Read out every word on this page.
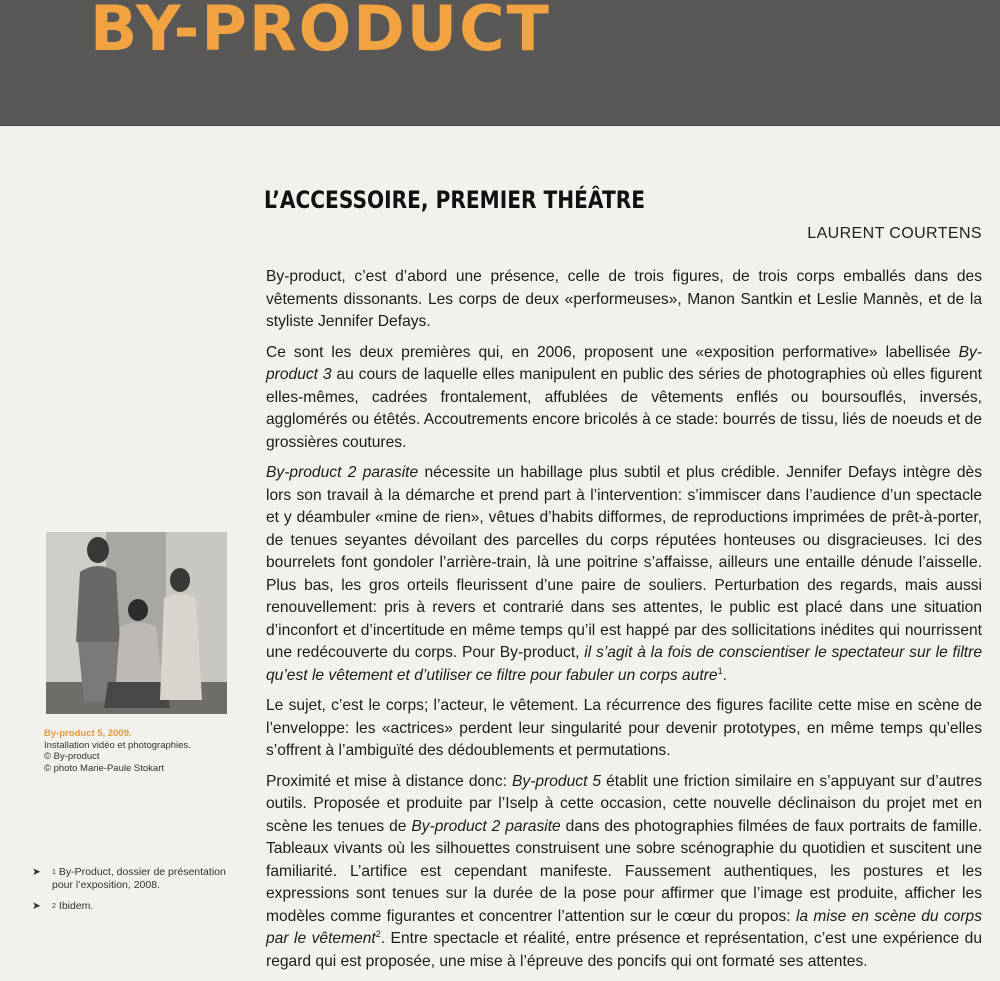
BY-PRODUCT
L’ACCESSOIRE, PREMIER THÉÂTRE
LAURENT COURTENS

By-product, c’est d’abord une présence, celle de trois figures, de trois corps emballés dans des vêtements dissonants. Les corps de deux «performeuses», Manon Santkin et Leslie Mannès, et de la styliste Jennifer Defays.

Ce sont les deux premières qui, en 2006, proposent une «exposition performative» labellisée By-product 3 au cours de laquelle elles manipulent en public des séries de photographies où elles figurent elles-mêmes, cadrées frontalement, affublées de vêtements enflés ou boursouflés, inversés, agglomérés ou étêtés. Accoutrements encore bricolés à ce stade: bourrés de tissu, liés de noeuds et de grossières coutures.

By-product 2 parasite nécessite un habillage plus subtil et plus crédible. Jennifer Defays intègre dès lors son travail à la démarche et prend part à l’intervention: s’immiscer dans l’audience d’un spectacle et y déambuler «mine de rien», vêtues d’habits difformes, de reproductions imprimées de prêt-à-porter, de tenues seyantes dévoilant des parcelles du corps réputées honteuses ou disgracieuses. Ici des bourrelets font gondoler l’arrière-train, là une poitrine s’affaisse, ailleurs une entaille dénude l’aisselle. Plus bas, les gros orteils fleurissent d’une paire de souliers. Perturbation des regards, mais aussi renouvellement: pris à revers et contrarié dans ses attentes, le public est placé dans une situation d’inconfort et d’incertitude en même temps qu’il est happé par des sollicitations inédites qui nourrissent une redécouverte du corps. Pour By-product, il s’agit à la fois de conscientiser le spectateur sur le filtre qu’est le vêtement et d’utiliser ce filtre pour fabuler un corps autre$^1$.

Le sujet, c’est le corps; l’acteur, le vêtement. La récurrence des figures facilite cette mise en scène de l’enveloppe: les «actrices» perdent leur singularité pour devenir prototypes, en même temps qu’elles s’offrent à l’ambiguïté des dédoublements et permutations.

Proximité et mise à distance donc: By-product 5 établit une friction similaire en s’appuyant sur d’autres outils. Proposée et produite par l’Iselp à cette occasion, cette nouvelle déclinaison du projet met en scène les tenues de By-product 2 parasite dans des photographies filmées de faux portraits de famille. Tableaux vivants où les silhouettes construisent une sobre scénographie du quotidien et suscitent une familiarité. L’artifice est cependant manifeste. Faussement authentiques, les postures et les expressions sont tenues sur la durée de la pose pour affirmer que l’image est produite, afficher les modèles comme figurantes et concentrer l’attention sur le cœur du propos: la mise en scène du corps par le vêtement$^2$. Entre spectacle et réalité, entre présence et représentation, c’est une expérience du regard qui est proposée, une mise à l’épreuve des poncifs qui ont formaté ses attentes.

By-product 5, 2009.
Installation vidéo et photographies.
© By-product
© photo Marie-Paule Stokart
➤	$^1$ By-Product, dossier de présentation pour l’exposition, 2008.
➤	$^2$ Ibidem.
